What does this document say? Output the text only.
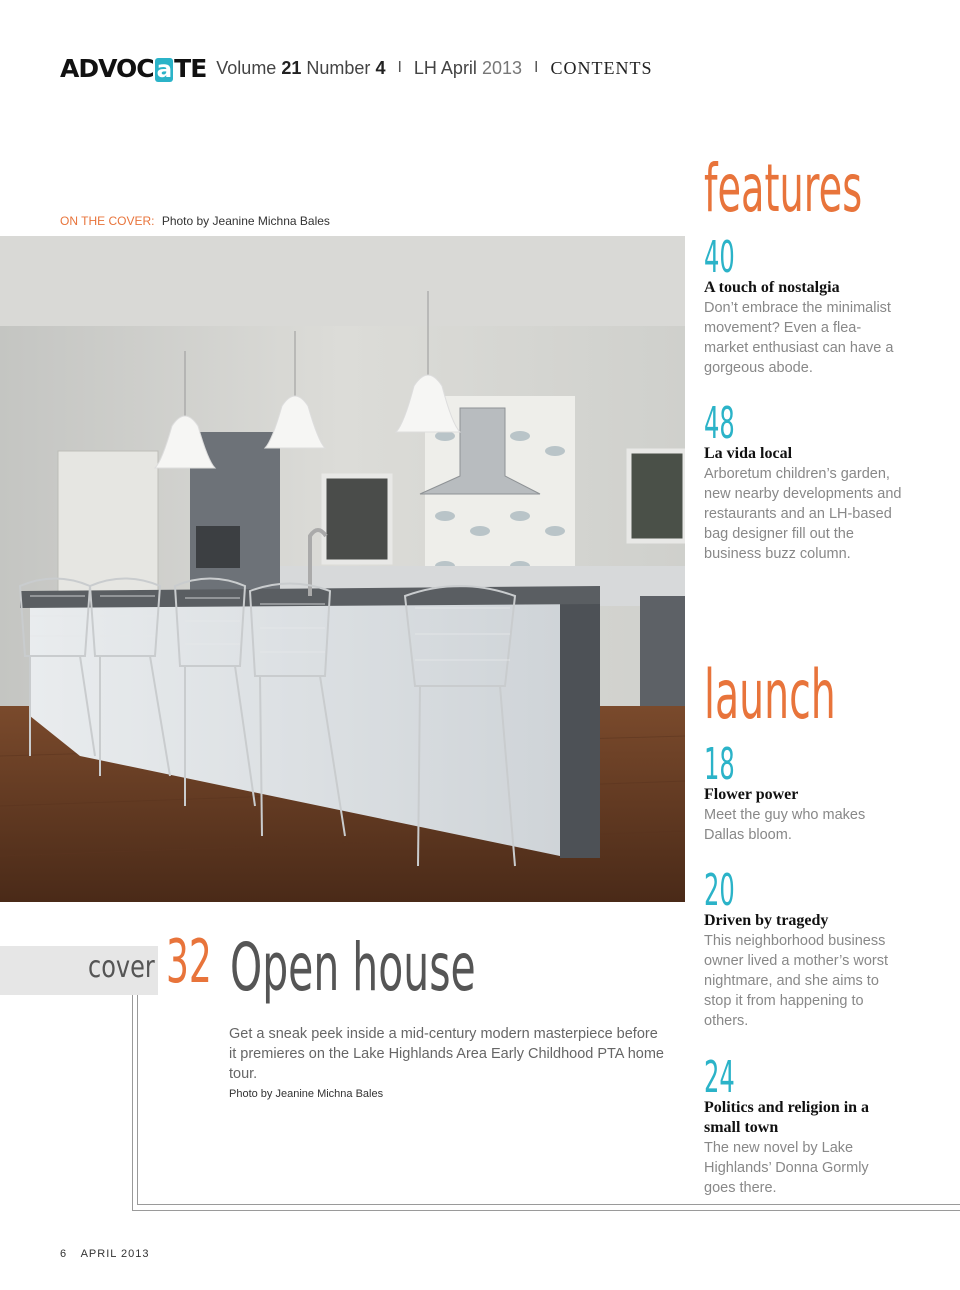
ADVOC a TE Volume 21 Number 4 I LH April 2013 I CONTENTS
ON THE COVER: Photo by Jeanine Michna Bales
cover 32 Open house
Get a sneak peek inside a mid-century modern masterpiece before it premieres on the Lake Highlands Area Early Childhood PTA home tour.
Photo by Jeanine Michna Bales
features
40
A touch of nostalgia
Don’t embrace the minimalist movement? Even a flea-market enthusiast can have a gorgeous abode.
48
La vida local
Arboretum children’s garden, new nearby developments and restaurants and an LH-based bag designer fill out the business buzz column.
launch
18
Flower power
Meet the guy who makes Dallas bloom.
20
Driven by tragedy
This neighborhood business owner lived a mother’s worst nightmare, and she aims to stop it from happening to others.
24
Politics and religion in a small town
The new novel by Lake Highlands’ Donna Gormly goes there.
6 APRIL 2013
